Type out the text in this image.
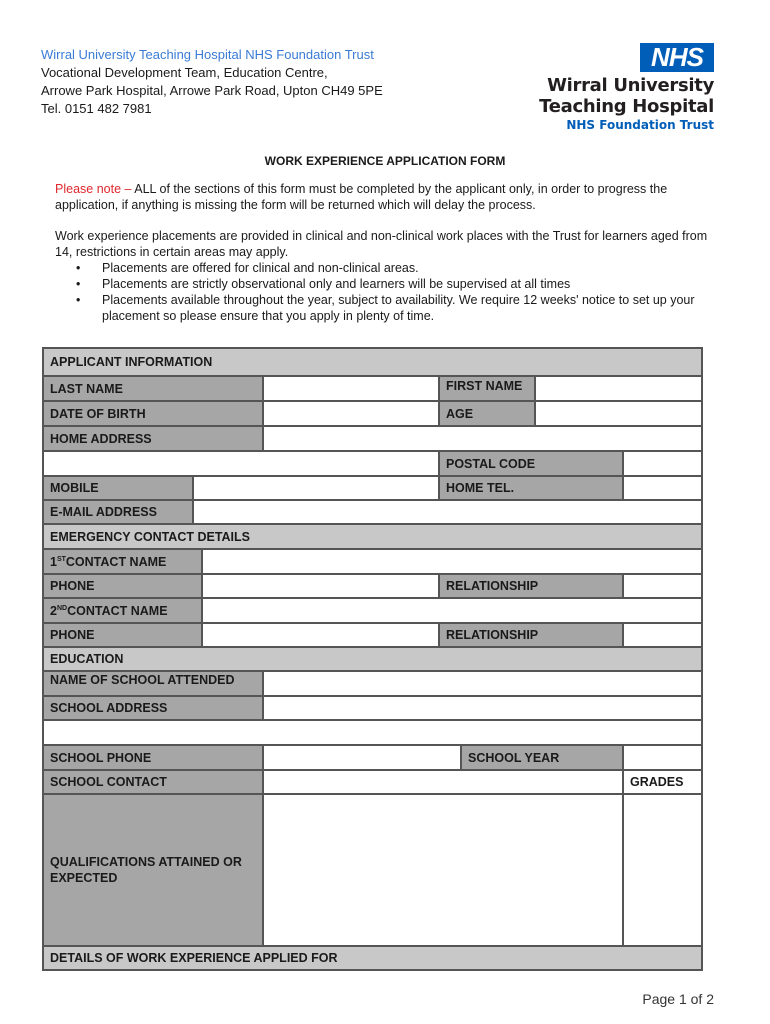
Wirral University Teaching Hospital NHS Foundation Trust
Vocational Development Team, Education Centre,
Arrowe Park Hospital, Arrowe Park Road, Upton CH49 5PE
Tel. 0151 482 7981
NHS
Wirral University
Teaching Hospital
NHS Foundation Trust
WORK EXPERIENCE APPLICATION FORM
Please note – ALL of the sections of this form must be completed by the applicant only, in order to progress the application, if anything is missing the form will be returned which will delay the process.
Work experience placements are provided in clinical and non-clinical work places with the Trust for learners aged from 14, restrictions in certain areas may apply.
• Placements are offered for clinical and non-clinical areas.
• Placements are strictly observational only and learners will be supervised at all times
• Placements available throughout the year, subject to availability. We require 12 weeks' notice to set up your placement so please ensure that you apply in plenty of time.
APPLICANT INFORMATION
LAST NAME	FIRST NAME
DATE OF BIRTH	AGE
HOME ADDRESS
POSTAL CODE
MOBILE	HOME TEL.
E-MAIL ADDRESS
EMERGENCY CONTACT DETAILS
1ST CONTACT NAME
PHONE	RELATIONSHIP
2ND CONTACT NAME
PHONE	RELATIONSHIP
EDUCATION
NAME OF SCHOOL ATTENDED
SCHOOL ADDRESS
SCHOOL PHONE	SCHOOL YEAR
SCHOOL CONTACT	GRADES
QUALIFICATIONS ATTAINED OR EXPECTED
DETAILS OF WORK EXPERIENCE APPLIED FOR
Page 1 of 2
